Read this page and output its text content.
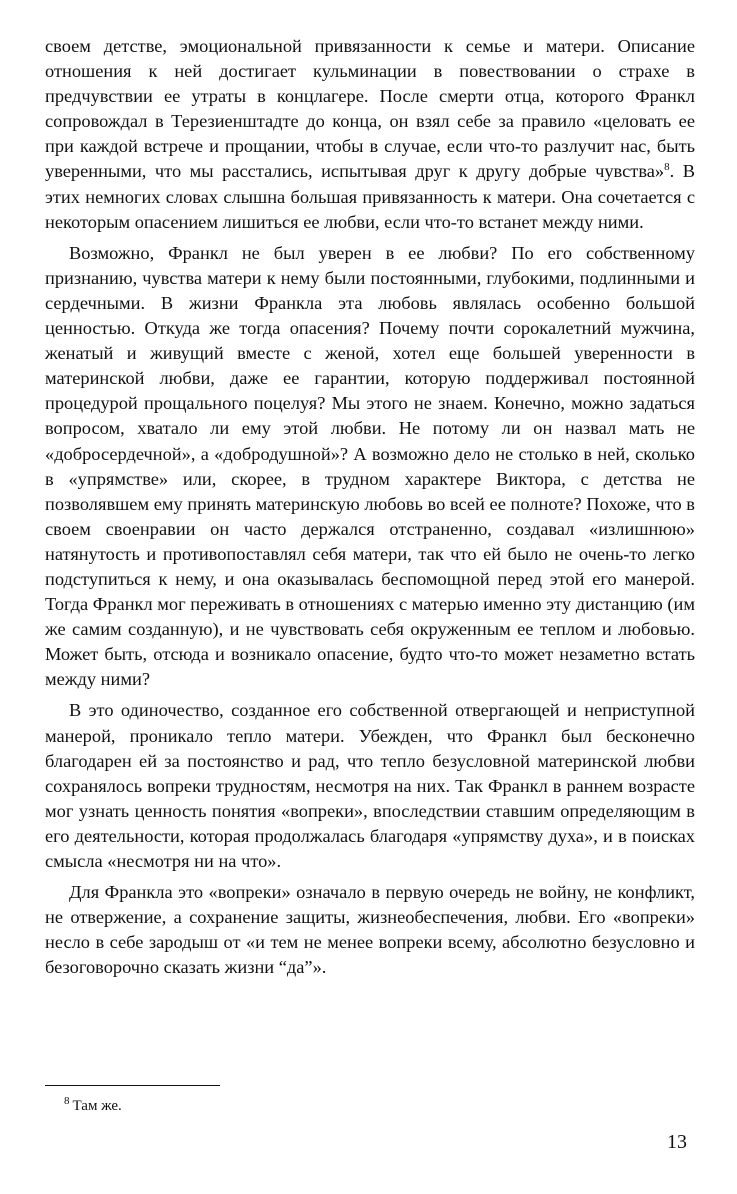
своем детстве, эмоциональной привязанности к семье и матери. Описание отношения к ней достигает кульминации в повествовании о страхе в предчувствии ее утраты в концлагере. После смерти отца, которого Франкл сопровождал в Терезиенштадте до конца, он взял себе за правило «целовать ее при каждой встрече и прощании, чтобы в случае, если что-то разлучит нас, быть уверенными, что мы расстались, испытывая друг к другу добрые чувства»$^8$. В этих немногих словах слышна большая привязанность к матери. Она сочетается с некоторым опасением лишиться ее любви, если что-то встанет между ними.

Возможно, Франкл не был уверен в ее любви? По его собственному признанию, чувства матери к нему были постоянными, глубокими, подлинными и сердечными. В жизни Франкла эта любовь являлась особенно большой ценностью. Откуда же тогда опасения? Почему почти сорокалетний мужчина, женатый и живущий вместе с женой, хотел еще большей уверенности в материнской любви, даже ее гарантии, которую поддерживал постоянной процедурой прощального поцелуя? Мы этого не знаем. Конечно, можно задаться вопросом, хватало ли ему этой любви. Не потому ли он назвал мать не «добросердечной», а «добродушной»? А возможно дело не столько в ней, сколько в «упрямстве» или, скорее, в трудном характере Виктора, с детства не позволявшем ему принять материнскую любовь во всей ее полноте? Похоже, что в своем своенравии он часто держался отстраненно, создавал «излишнюю» натянутость и противопоставлял себя матери, так что ей было не очень-то легко подступиться к нему, и она оказывалась беспомощной перед этой его манерой. Тогда Франкл мог переживать в отношениях с матерью именно эту дистанцию (им же самим созданную), и не чувствовать себя окруженным ее теплом и любовью. Может быть, отсюда и возникало опасение, будто что-то может незаметно встать между ними?

В это одиночество, созданное его собственной отвергающей и неприступной манерой, проникало тепло матери. Убежден, что Франкл был бесконечно благодарен ей за постоянство и рад, что тепло безусловной материнской любви сохранялось вопреки трудностям, несмотря на них. Так Франкл в раннем возрасте мог узнать ценность понятия «вопреки», впоследствии ставшим определяющим в его деятельности, которая продолжалась благодаря «упрямству духа», и в поисках смысла «несмотря ни на что».

Для Франкла это «вопреки» означало в первую очередь не войну, не конфликт, не отвержение, а сохранение защиты, жизнеобеспечения, любви. Его «вопреки» несло в себе зародыш от «и тем не менее вопреки всему, абсолютно безусловно и безоговорочно сказать жизни “да”».

$^8$ Там же.
13
